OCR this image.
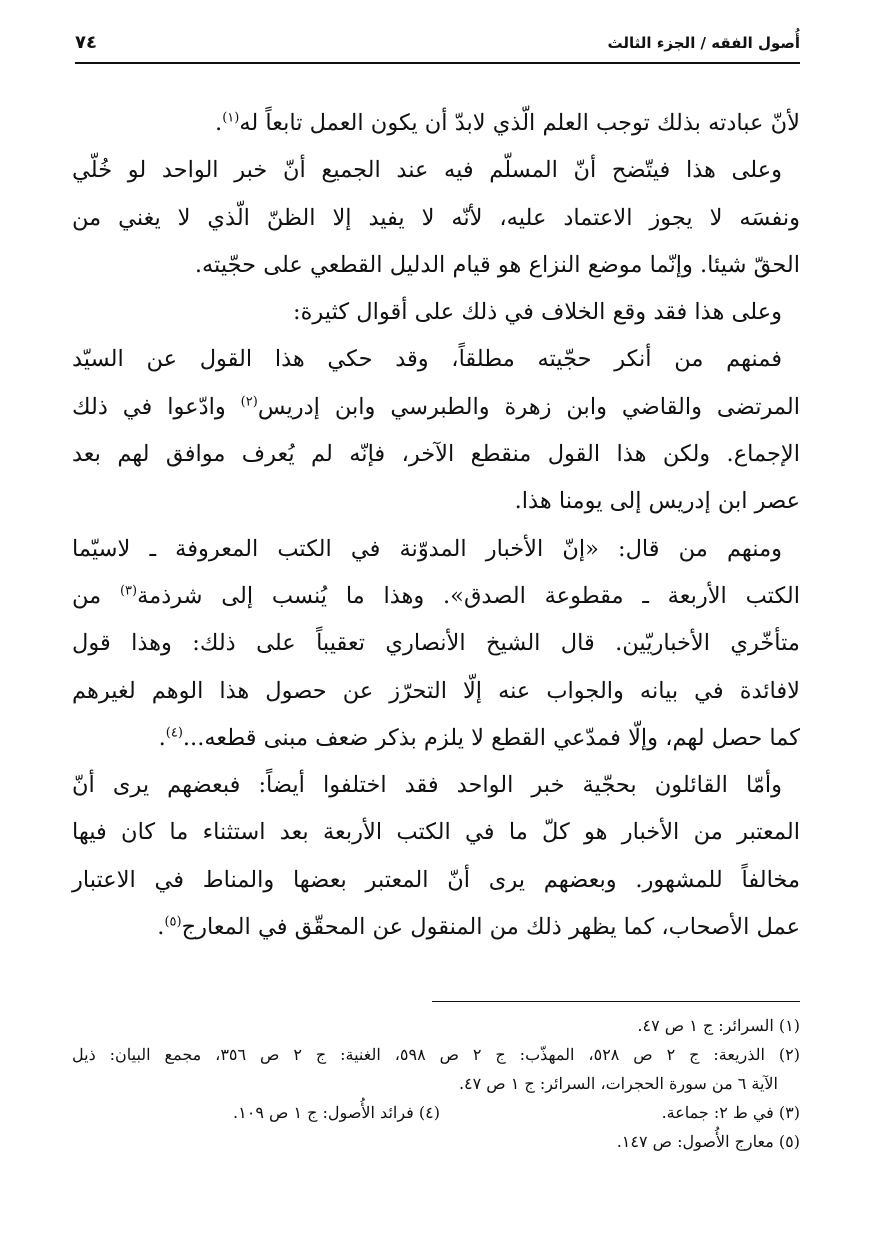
٧٤	أُصول الفقه / الجزء الثالث
لأنّ عبادته بذلك توجب العلم الّذي لابدّ أن يكون العمل تابعاً له$^{(١)}$.
وعلى هذا فيتّضح أنّ المسلّم فيه عند الجميع أنّ خبر الواحد لو خُلّي
ونفسَه لا يجوز الاعتماد عليه، لأنّه لا يفيد إلا الظنّ الّذي لا يغني من
الحقّ شيئا. وإنّما موضع النزاع هو قيام الدليل القطعي على حجّيته.
وعلى هذا فقد وقع الخلاف في ذلك على أقوال كثيرة:
فمنهم من أنكر حجّيته مطلقاً، وقد حكي هذا القول عن السيّد
المرتضى والقاضي وابن زهرة والطبرسي وابن إدريس$^{(٢)}$ وادّعوا في ذلك
الإجماع. ولكن هذا القول منقطع الآخر، فإنّه لم يُعرف موافق لهم بعد
عصر ابن إدريس إلى يومنا هذا.
ومنهم من قال: «إنّ الأخبار المدوّنة في الكتب المعروفة ـ لاسيّما
الكتب الأربعة ـ مقطوعة الصدق». وهذا ما يُنسب إلى شرذمة$^{(٣)}$ من
متأخّري الأخباريّين. قال الشيخ الأنصاري تعقيباً على ذلك: وهذا قول
لافائدة في بيانه والجواب عنه إلّا التحرّز عن حصول هذا الوهم لغيرهم
كما حصل لهم، وإلّا فمدّعي القطع لا يلزم بذكر ضعف مبنى قطعه...$^{(٤)}$.
وأمّا القائلون بحجّية خبر الواحد فقد اختلفوا أيضاً: فبعضهم يرى أنّ
المعتبر من الأخبار هو كلّ ما في الكتب الأربعة بعد استثناء ما كان فيها
مخالفاً للمشهور. وبعضهم يرى أنّ المعتبر بعضها والمناط في الاعتبار
عمل الأصحاب، كما يظهر ذلك من المنقول عن المحقّق في المعارج$^{(٥)}$.
(١) السرائر: ج ١ ص ٤٧.
(٢) الذريعة: ج ٢ ص ٥٢٨، المهذّب: ج ٢ ص ٥٩٨، الغنية: ج ٢ ص ٣٥٦، مجمع البيان: ذيل
الآية ٦ من سورة الحجرات، السرائر: ج ١ ص ٤٧.
(٣) في ط ٢: جماعة.
(٤) فرائد الأُصول: ج ١ ص ١٠٩.
(٥) معارج الأُصول: ص ١٤٧.
